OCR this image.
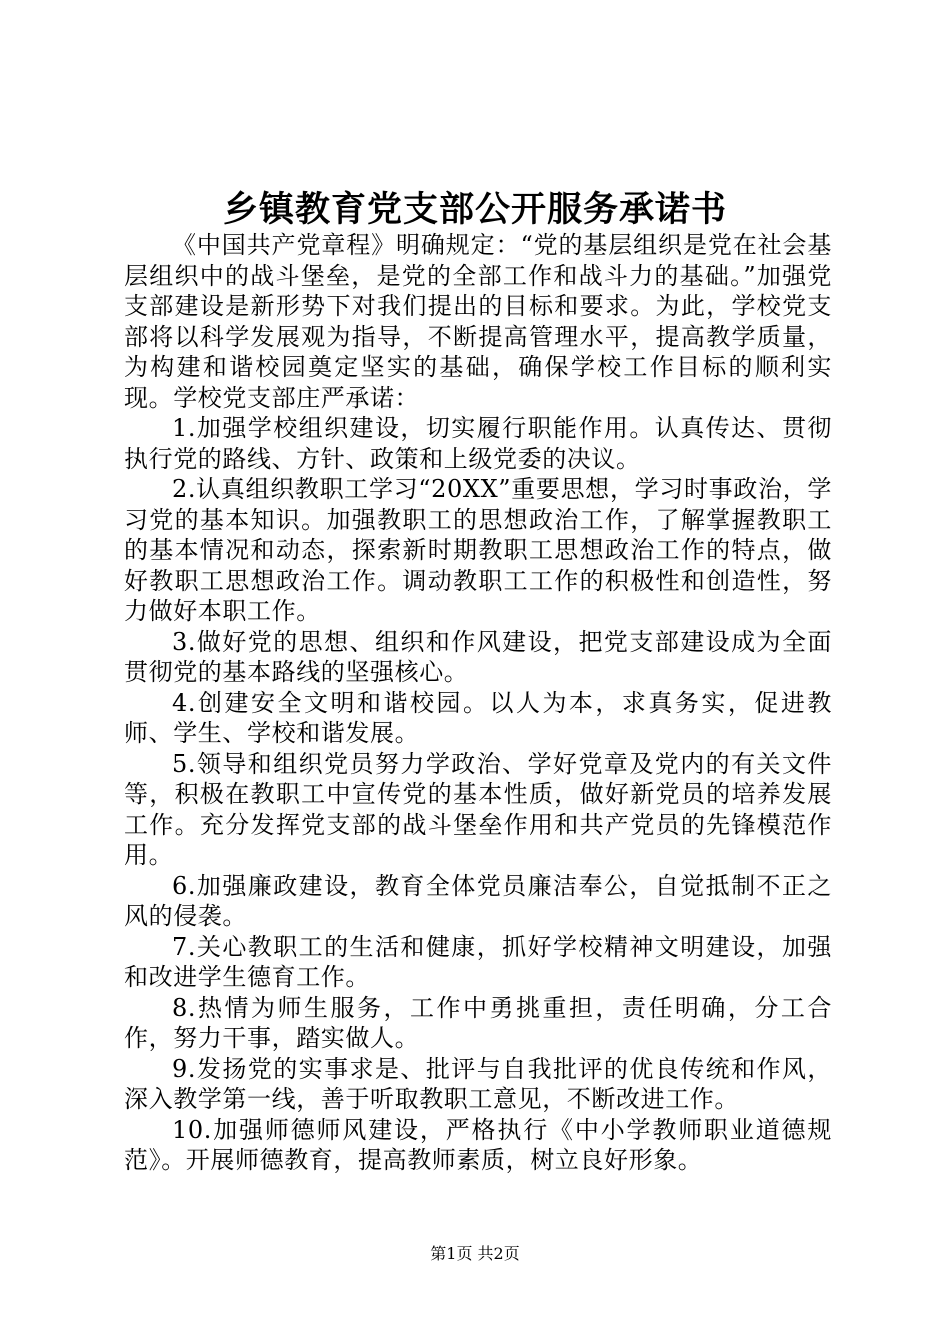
乡镇教育党支部公开服务承诺书

《中国共产党章程》明确规定：“党的基层组织是党在社会基层组织中的战斗堡垒，是党的全部工作和战斗力的基础。”加强党支部建设是新形势下对我们提出的目标和要求。为此，学校党支部将以科学发展观为指导，不断提高管理水平，提高教学质量，为构建和谐校园奠定坚实的基础，确保学校工作目标的顺利实现。学校党支部庄严承诺：

1.加强学校组织建设，切实履行职能作用。认真传达、贯彻执行党的路线、方针、政策和上级党委的决议。

2.认真组织教职工学习“20XX”重要思想，学习时事政治，学习党的基本知识。加强教职工的思想政治工作，了解掌握教职工的基本情况和动态，探索新时期教职工思想政治工作的特点，做好教职工思想政治工作。调动教职工工作的积极性和创造性，努力做好本职工作。

3.做好党的思想、组织和作风建设，把党支部建设成为全面贯彻党的基本路线的坚强核心。

4.创建安全文明和谐校园。以人为本，求真务实，促进教师、学生、学校和谐发展。

5.领导和组织党员努力学政治、学好党章及党内的有关文件等，积极在教职工中宣传党的基本性质，做好新党员的培养发展工作。充分发挥党支部的战斗堡垒作用和共产党员的先锋模范作用。

6.加强廉政建设，教育全体党员廉洁奉公，自觉抵制不正之风的侵袭。

7.关心教职工的生活和健康，抓好学校精神文明建设，加强和改进学生德育工作。

8.热情为师生服务，工作中勇挑重担，责任明确，分工合作，努力干事，踏实做人。

9.发扬党的实事求是、批评与自我批评的优良传统和作风，深入教学第一线，善于听取教职工意见，不断改进工作。

10.加强师德师风建设，严格执行《中小学教师职业道德规范》。开展师德教育，提高教师素质，树立良好形象。

第1页 共2页
